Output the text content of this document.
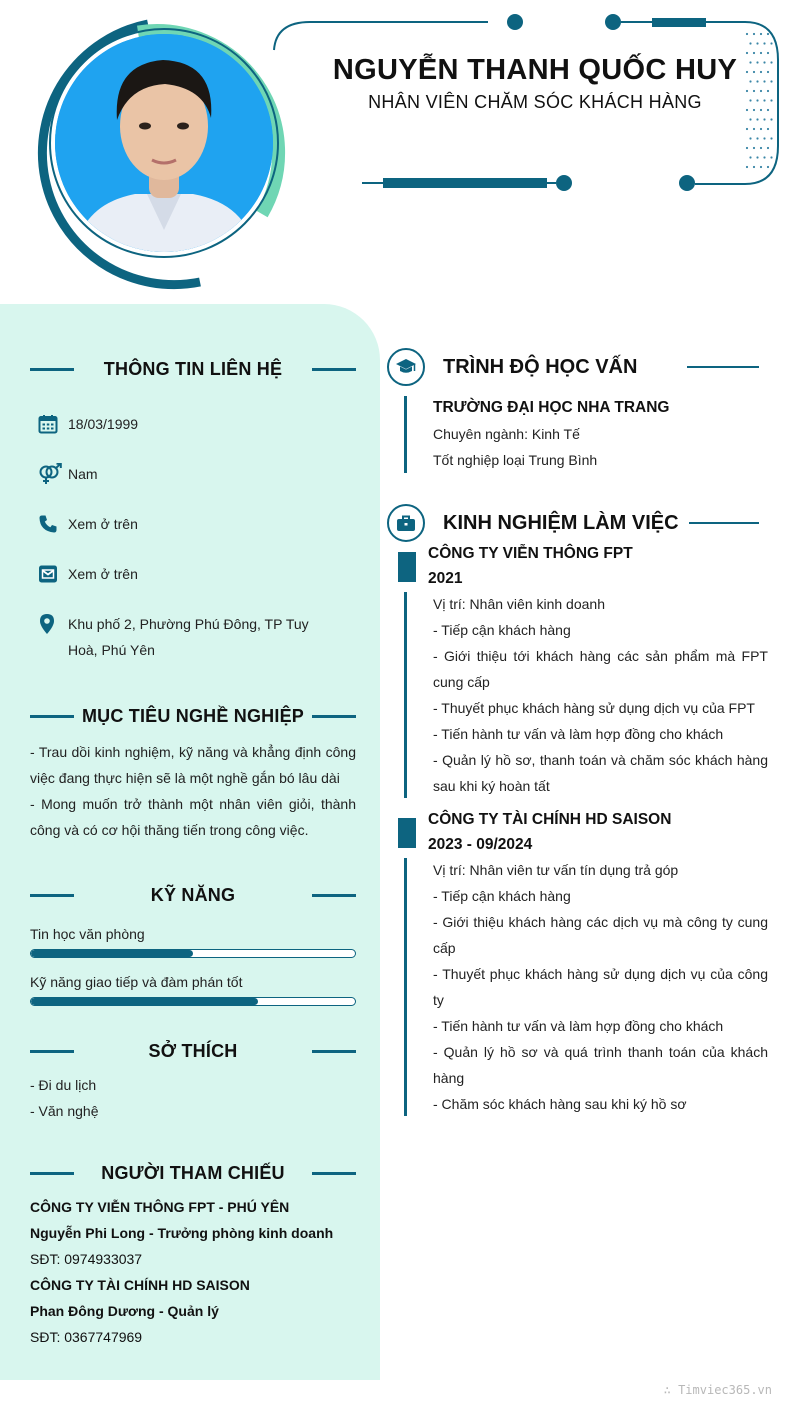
NGUYỄN THANH QUỐC HUY
NHÂN VIÊN CHĂM SÓC KHÁCH HÀNG
THÔNG TIN LIÊN HỆ
18/03/1999
Nam
Xem ở trên
Xem ở trên
Khu phố 2, Phường Phú Đông, TP Tuy Hoà, Phú Yên
MỤC TIÊU NGHỀ NGHIỆP
- Trau dồi kinh nghiệm, kỹ năng và khẳng định công việc đang thực hiện sẽ là một nghề gắn bó lâu dài
- Mong muốn trở thành một nhân viên giỏi, thành công và có cơ hội thăng tiến trong công việc.
KỸ NĂNG
Tin học văn phòng
Kỹ năng giao tiếp và đàm phán tốt
SỞ THÍCH
- Đi du lịch
- Văn nghệ
NGƯỜI THAM CHIẾU
CÔNG TY VIỄN THÔNG FPT - PHÚ YÊN
Nguyễn Phi Long - Trưởng phòng kinh doanh
SĐT: 0974933037
CÔNG TY TÀI CHÍNH HD SAISON
Phan Đông Dương - Quản lý
SĐT: 0367747969
TRÌNH ĐỘ HỌC VẤN
TRƯỜNG ĐẠI HỌC NHA TRANG
Chuyên ngành: Kinh Tế
Tốt nghiệp loại Trung Bình
KINH NGHIỆM LÀM VIỆC
CÔNG TY VIỄN THÔNG FPT
2021
Vị trí: Nhân viên kinh doanh
- Tiếp cận khách hàng
- Giới thiệu tới khách hàng các sản phẩm mà FPT cung cấp
- Thuyết phục khách hàng sử dụng dịch vụ của FPT
- Tiến hành tư vấn và làm hợp đồng cho khách
- Quản lý hồ sơ, thanh toán và chăm sóc khách hàng sau khi ký hoàn tất
CÔNG TY TÀI CHÍNH HD SAISON
2023 - 09/2024
Vị trí: Nhân viên tư vấn tín dụng trả góp
- Tiếp cận khách hàng
- Giới thiệu khách hàng các dịch vụ mà công ty cung cấp
- Thuyết phục khách hàng sử dụng dịch vụ của công ty
- Tiến hành tư vấn và làm hợp đồng cho khách
- Quản lý hồ sơ và quá trình thanh toán của khách hàng
- Chăm sóc khách hàng sau khi ký hồ sơ
∴ Timviec365.vn
